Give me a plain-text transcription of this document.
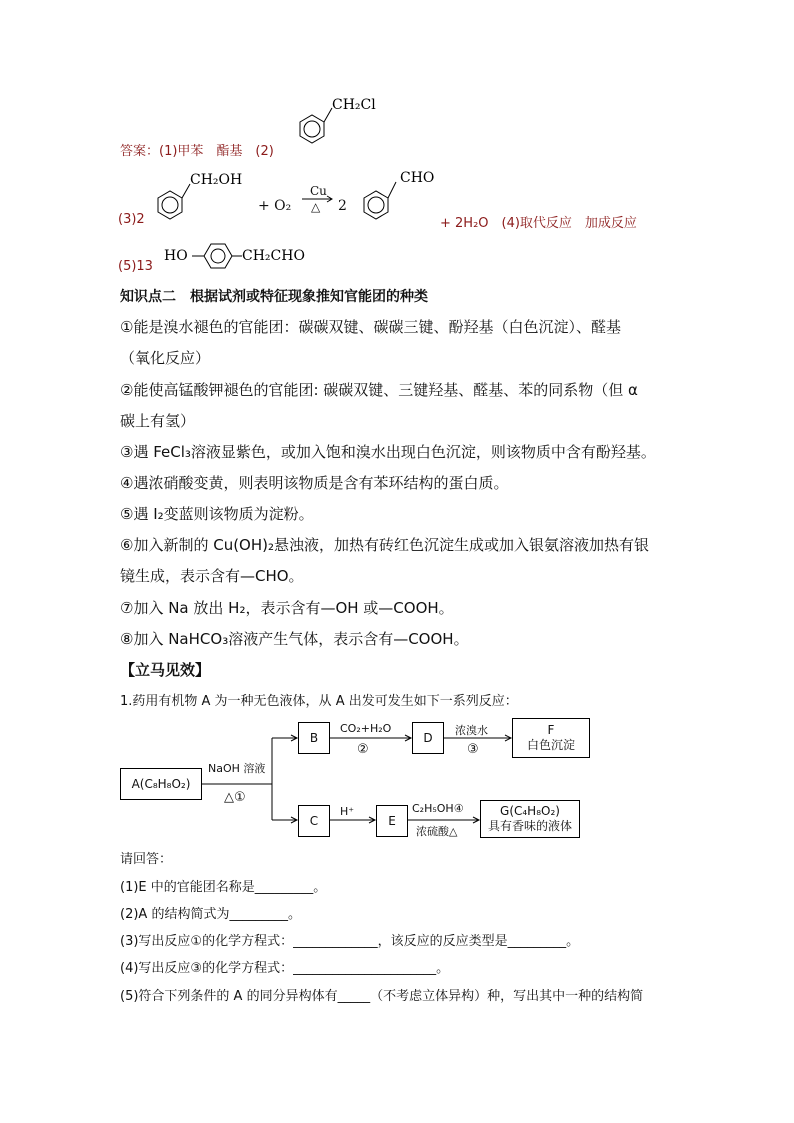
答案：(1)甲苯　酯基　(2)
CH₂Cl
(3)2
CH₂OH
+ O₂ →
Cu
△ 2
CHO
+ 2H₂O　(4)取代反应　加成反应
(5)13
HO	CH₂CHO
知识点二　根据试剂或特征现象推知官能团的种类
①能是溴水褪色的官能团：碳碳双键、碳碳三键、酚羟基（白色沉淀）、醛基
（氧化反应）
②能使高锰酸钾褪色的官能团: 碳碳双键、三键羟基、醛基、苯的同系物（但 α
碳上有氢）
③遇 FeCl₃溶液显紫色，或加入饱和溴水出现白色沉淀，则该物质中含有酚羟基。
④遇浓硝酸变黄，则表明该物质是含有苯环结构的蛋白质。
⑤遇 I₂变蓝则该物质为淀粉。
⑥加入新制的 Cu(OH)₂悬浊液，加热有砖红色沉淀生成或加入银氨溶液加热有银
镜生成，表示含有—CHO。
⑦加入 Na 放出 H₂，表示含有—OH 或—COOH。
⑧加入 NaHCO₃溶液产生气体，表示含有—COOH。
【立马见效】
1.药用有机物 A 为一种无色液体，从 A 出发可发生如下一系列反应：
A(C₈H₈O₂)
NaOH 溶液
△①
B
CO₂+H₂O
②
D	浓溴水
③
F
白色沉淀
C
H⁺
E
C₂H₅OH④
浓硫酸△
G(C₄H₈O₂)
具有香味的液体
请回答：
(1)E 中的官能团名称是_________。
(2)A 的结构简式为_________。
(3)写出反应①的化学方程式：_____________，该反应的反应类型是_________。
(4)写出反应③的化学方程式：______________________。
(5)符合下列条件的 A 的同分异构体有_____（不考虑立体异构）种，写出其中一种的结构简
